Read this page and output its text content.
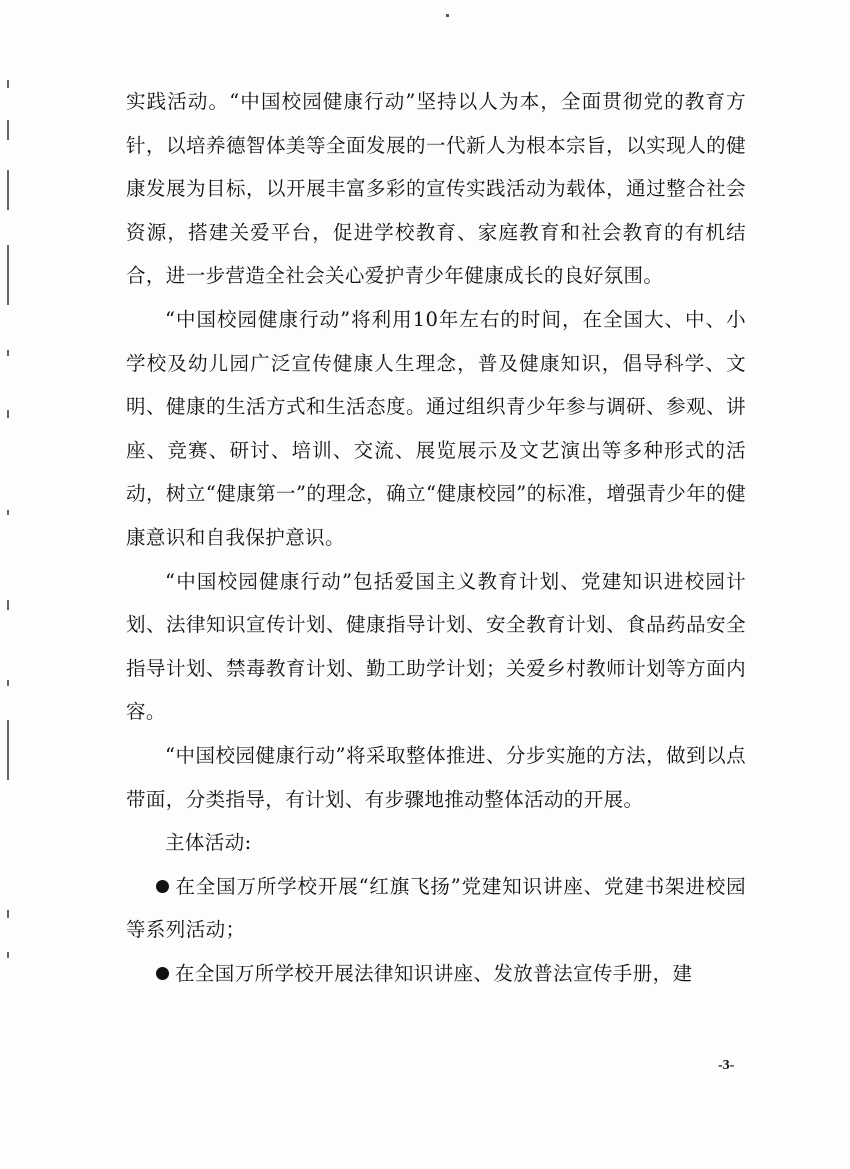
实践活动。“中国校园健康行动”坚持以人为本，全面贯彻党的教育方针，以培养德智体美等全面发展的一代新人为根本宗旨，以实现人的健康发展为目标，以开展丰富多彩的宣传实践活动为载体，通过整合社会资源，搭建关爱平台，促进学校教育、家庭教育和社会教育的有机结合，进一步营造全社会关心爱护青少年健康成长的良好氛围。

“中国校园健康行动”将利用10年左右的时间，在全国大、中、小学校及幼儿园广泛宣传健康人生理念，普及健康知识，倡导科学、文明、健康的生活方式和生活态度。通过组织青少年参与调研、参观、讲座、竞赛、研讨、培训、交流、展览展示及文艺演出等多种形式的活动，树立“健康第一”的理念，确立“健康校园”的标准，增强青少年的健康意识和自我保护意识。

“中国校园健康行动”包括爱国主义教育计划、党建知识进校园计划、法律知识宣传计划、健康指导计划、安全教育计划、食品药品安全指导计划、禁毒教育计划、勤工助学计划；关爱乡村教师计划等方面内容。

“中国校园健康行动”将采取整体推进、分步实施的方法，做到以点带面，分类指导，有计划、有步骤地推动整体活动的开展。

主体活动:

在全国万所学校开展“红旗飞扬”党建知识讲座、党建书架进校园等系列活动；

在全国万所学校开展法律知识讲座、发放普法宣传手册，建

-3-
